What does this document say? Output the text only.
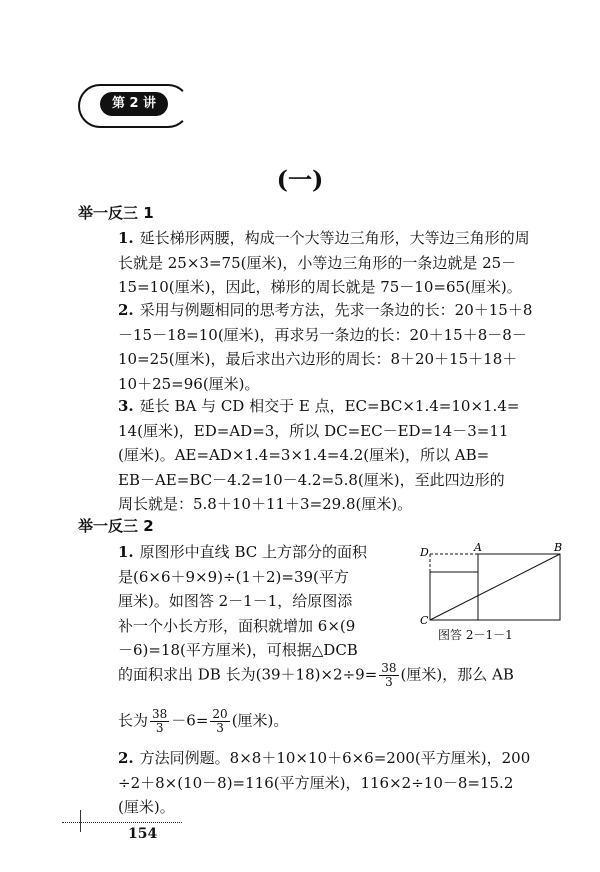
第 2 讲
(一)
举一反三 1
1. 延长梯形两腰，构成一个大等边三角形，大等边三角形的周
长就是 25×3=75(厘米)，小等边三角形的一条边就是 25－
15=10(厘米)，因此，梯形的周长就是 75－10=65(厘米)。
2. 采用与例题相同的思考方法，先求一条边的长：20＋15＋8
－15－18=10(厘米)，再求另一条边的长：20＋15＋8－8－
10=25(厘米)，最后求出六边形的周长：8＋20＋15＋18＋
10＋25=96(厘米)。
3. 延长 BA 与 CD 相交于 E 点，EC=BC×1.4=10×1.4=
14(厘米)，ED=AD=3，所以 DC=EC－ED=14－3=11
(厘米)。AE=AD×1.4=3×1.4=4.2(厘米)，所以 AB=
EB－AE=BC－4.2=10－4.2=5.8(厘米)，至此四边形的
周长就是：5.8＋10＋11＋3=29.8(厘米)。
举一反三 2
1. 原图形中直线 BC 上方部分的面积
是(6×6＋9×9)÷(1＋2)=39(平方
厘米)。如图答 2－1－1，给原图添
补一个小长方形，面积就增加 6×(9
－6)=18(平方厘米)，可根据△DCB
的面积求出 DB 长为$(39+18)\times 2\div 9= \frac{38}{3}$ (厘米)，那么 AB
长为 $\frac{38}{3} -6= \frac{20}{3}$ (厘米)。
D	A	B
C
图答 2－1－1
2. 方法同例题。8×8＋10×10＋6×6=200(平方厘米)，200
÷2＋8×(10－8)=116(平方厘米)，116×2÷10－8=15.2
(厘米)。
154
